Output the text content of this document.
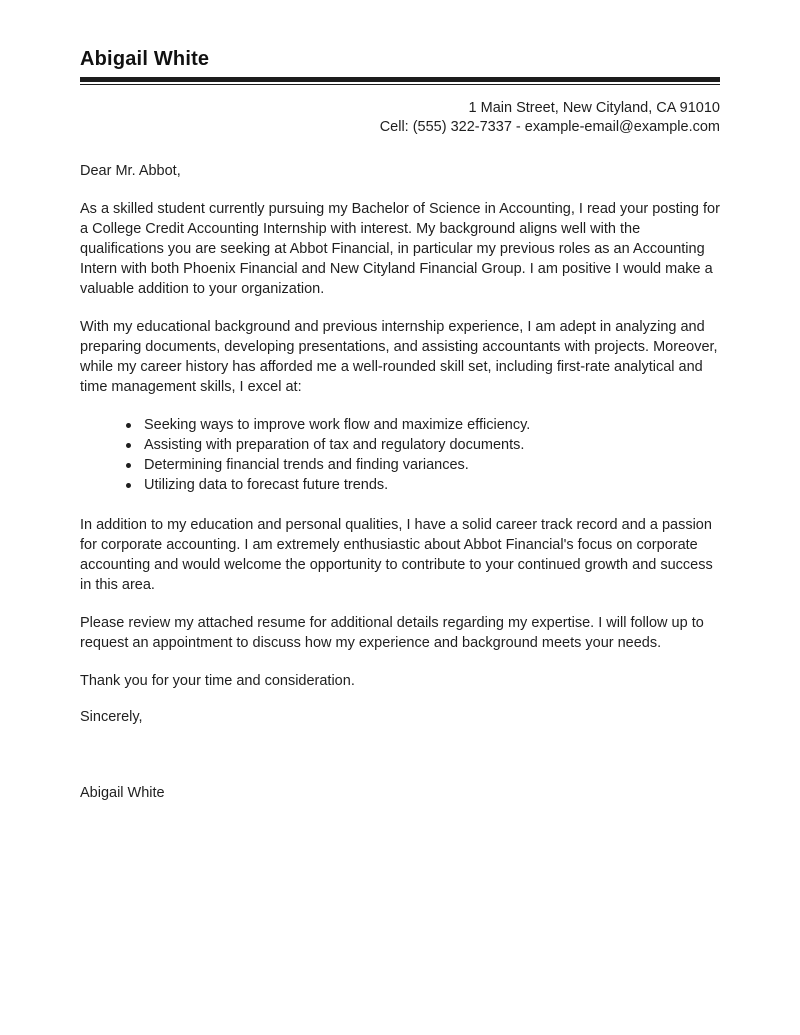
Abigail White
1 Main Street, New Cityland, CA 91010
Cell: (555) 322-7337 - example-email@example.com
Dear Mr. Abbot,
As a skilled student currently pursuing my Bachelor of Science in Accounting, I read your posting for a College Credit Accounting Internship with interest. My background aligns well with the qualifications you are seeking at Abbot Financial, in particular my previous roles as an Accounting Intern with both Phoenix Financial and New Cityland Financial Group. I am positive I would make a valuable addition to your organization.
With my educational background and previous internship experience, I am adept in analyzing and preparing documents, developing presentations, and assisting accountants with projects. Moreover, while my career history has afforded me a well-rounded skill set, including first-rate analytical and time management skills, I excel at:
Seeking ways to improve work flow and maximize efficiency.
Assisting with preparation of tax and regulatory documents.
Determining financial trends and finding variances.
Utilizing data to forecast future trends.
In addition to my education and personal qualities, I have a solid career track record and a passion for corporate accounting. I am extremely enthusiastic about Abbot Financial's focus on corporate accounting and would welcome the opportunity to contribute to your continued growth and success in this area.
Please review my attached resume for additional details regarding my expertise. I will follow up to request an appointment to discuss how my experience and background meets your needs.
Thank you for your time and consideration.
Sincerely,
Abigail White
